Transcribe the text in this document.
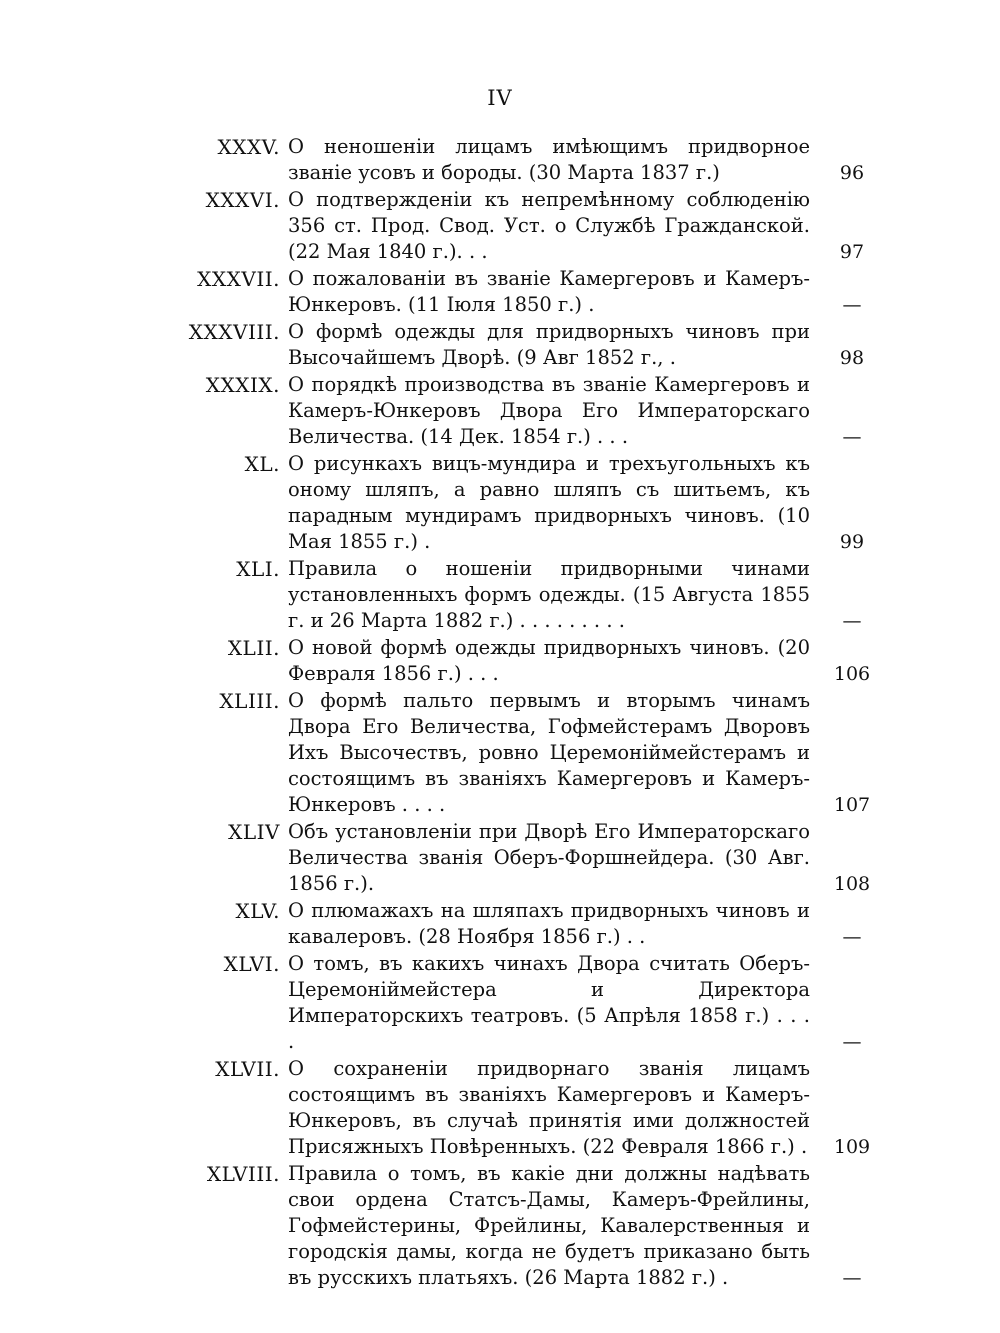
IV
XXXV. О неношеніи лицамъ имѣющимъ придворное званіе усовъ и бороды. (30 Марта 1837 г.)	96
XXXVI. О подтвержденіи къ непремѣнному соблюденію 356 ст. Прод. Свод. Уст. о Службѣ Гражданской. (22 Мая 1840 г.). . .	97
XXXVII. О пожалованіи въ званіе Камергеровъ и Камеръ-Юнкеровъ. (11 Іюля 1850 г.) .	—
XXXVIII. О формѣ одежды для придворныхъ чиновъ при Высочайшемъ Дворѣ. (9 Авг 1852 г., .	98
XXXIX. О порядкѣ производства въ званіе Камергеровъ и Камеръ-Юнкеровъ Двора Его Императорскаго Величества. (14 Дек. 1854 г.) . . .	—
XL. О рисункахъ вицъ-мундира и трехъугольныхъ къ оному шляпъ, а равно шляпъ съ шитьемъ, къ парадным мундирамъ придворныхъ чиновъ. (10 Мая 1855 г.) .	99
XLI. Правила о ношеніи придворными чинами установленныхъ формъ одежды. (15 Августа 1855 г. и 26 Марта 1882 г.) . . . . . . . . .	—
XLII. О новой формѣ одежды придворныхъ чиновъ. (20 Февраля 1856 г.) . . .	106
XLIII. О формѣ пальто первымъ и вторымъ чинамъ Двора Его Величества, Гофмейстерамъ Дворовъ Ихъ Высочествъ, ровно Церемоніймейстерамъ и состоящимъ въ званіяхъ Камергеровъ и Камеръ-Юнкеровъ . . . .	107
XLIV Объ установленіи при Дворѣ Его Императорскаго Величества званія Оберъ-Форшнейдера. (30 Авг. 1856 г.).	108
XLV. О плюмажахъ на шляпахъ придворныхъ чиновъ и кавалеровъ. (28 Ноября 1856 г.) . .	—
XLVI. О томъ, въ какихъ чинахъ Двора считать Оберъ-Церемоніймейстера и Директора Императорскихъ театровъ. (5 Апрѣля 1858 г.) . . . .	—
XLVII. О сохраненіи придворнаго званія лицамъ состоящимъ въ званіяхъ Камергеровъ и Камеръ-Юнкеровъ, въ случаѣ принятія ими должностей Присяжныхъ Повѣренныхъ. (22 Февраля 1866 г.) .	109
XLVIII. Правила о томъ, въ какіе дни должны надѣвать свои ордена Статсъ-Дамы, Камеръ-Фрейлины, Гофмейстерины, Фрейлины, Кавалерственныя и городскія дамы, когда не будетъ приказано быть въ русскихъ платьяхъ. (26 Марта 1882 г.) .	—
